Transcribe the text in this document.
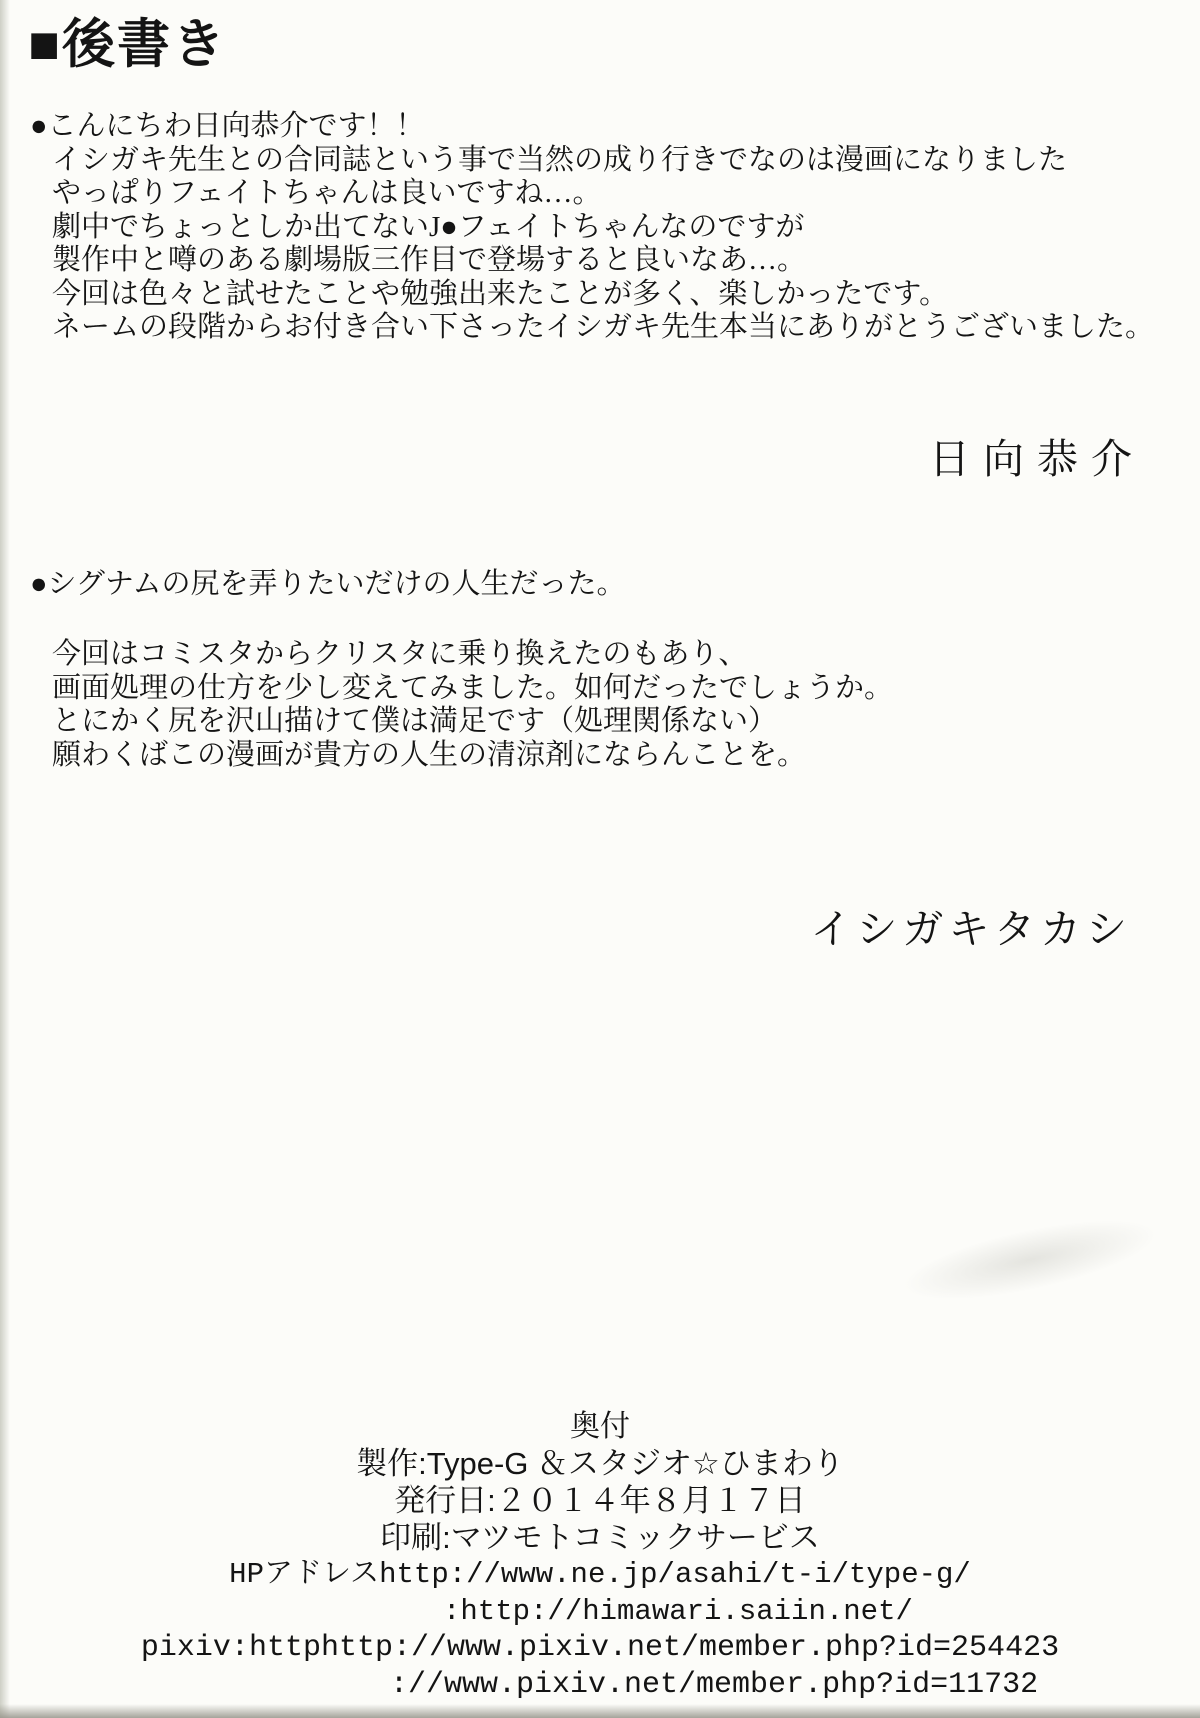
■後書き
●こんにちわ日向恭介です！！
イシガキ先生との合同誌という事で当然の成り行きでなのは漫画になりました
やっぱりフェイトちゃんは良いですね…。
劇中でちょっとしか出てないJ●フェイトちゃんなのですが
製作中と噂のある劇場版三作目で登場すると良いなあ…。
今回は色々と試せたことや勉強出来たことが多く、楽しかったです。
ネームの段階からお付き合い下さったイシガキ先生本当にありがとうございました。
日向恭介
●シグナムの尻を弄りたいだけの人生だった。
今回はコミスタからクリスタに乗り換えたのもあり、
画面処理の仕方を少し変えてみました。如何だったでしょうか。
とにかく尻を沢山描けて僕は満足です（処理関係ない）
願わくばこの漫画が貴方の人生の清涼剤にならんことを。
イシガキタカシ
奥付
製作:Type-G ＆スタジオ☆ひまわり
発行日:２０１４年８月１７日
印刷:マツモトコミックサービス
HPアドレスhttp://www.ne.jp/asahi/t-i/type-g/
:http://himawari.saiin.net/
pixiv:httphttp://www.pixiv.net/member.php?id=254423
://www.pixiv.net/member.php?id=11732
